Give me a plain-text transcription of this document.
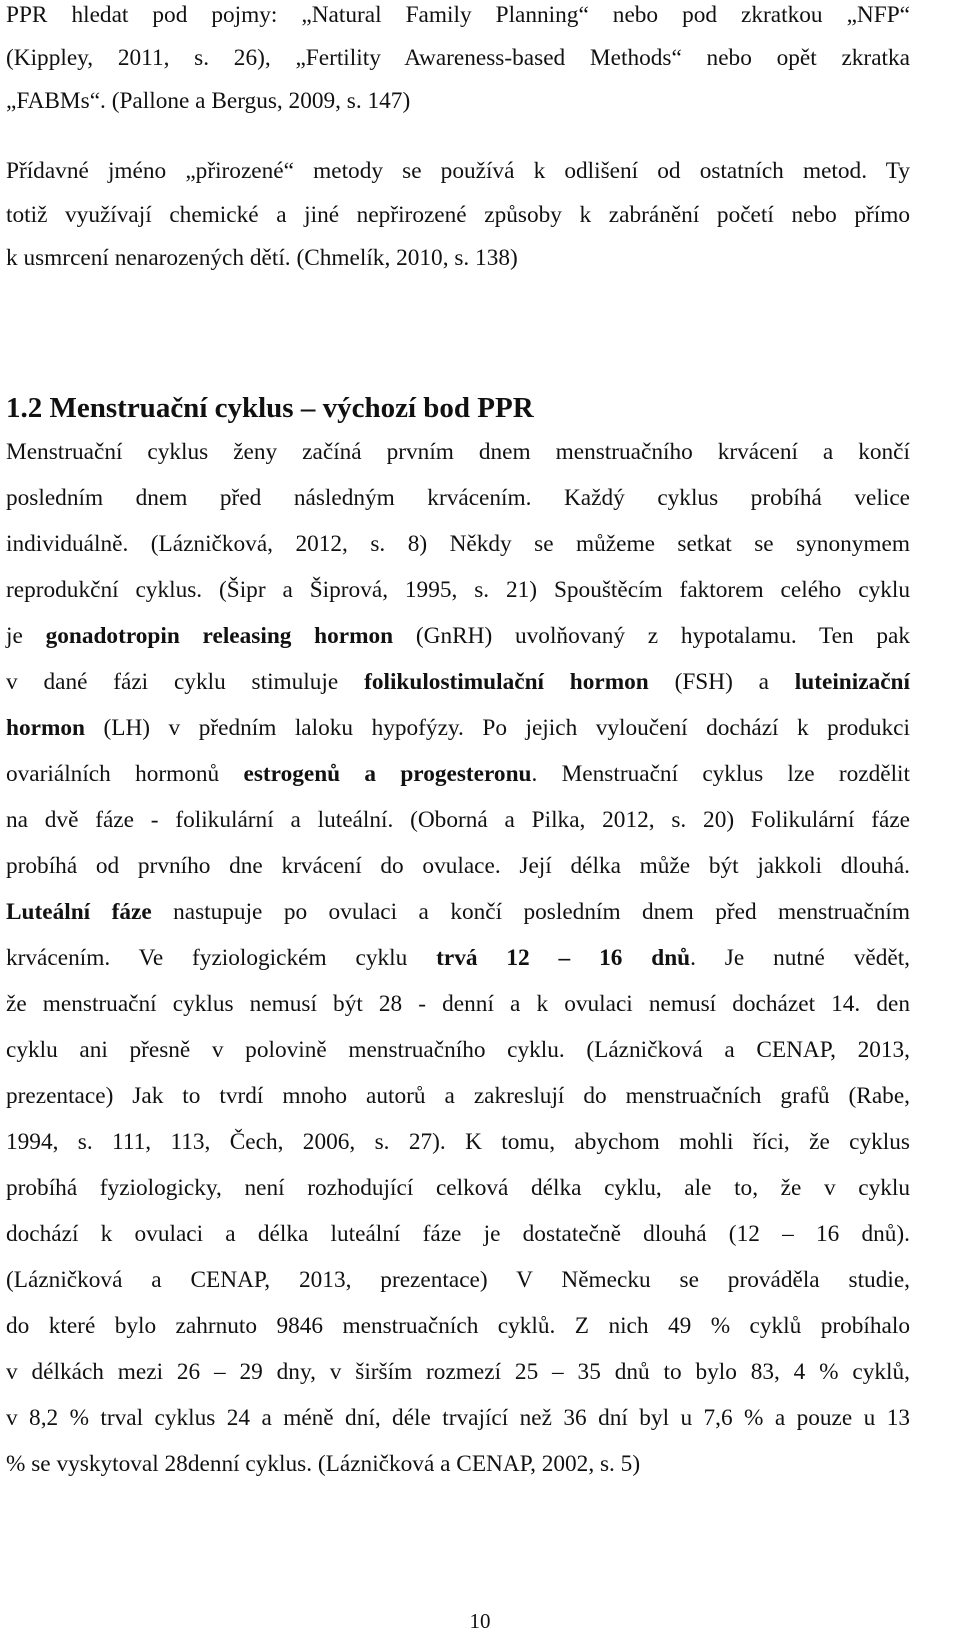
PPR hledat pod pojmy: „Natural Family Planning“ nebo pod zkratkou „NFP“
(Kippley, 2011, s. 26), „Fertility Awareness-based Methods“ nebo opět zkratka
„FABMs“. (Pallone a Bergus, 2009, s. 147)
Přídavné jméno „přirozené“ metody se používá k odlišení od ostatních metod. Ty
totiž využívají chemické a jiné nepřirozené způsoby k zabránění početí nebo přímo
k usmrcení nenarozených dětí. (Chmelík, 2010, s. 138)
1.2 Menstruační cyklus – výchozí bod PPR
Menstruační cyklus ženy začíná prvním dnem menstruačního krvácení a končí
posledním dnem před následným krvácením. Každý cyklus probíhá velice
individuálně. (Lázničková, 2012, s. 8) Někdy se můžeme setkat se synonymem
reprodukční cyklus. (Šipr a Šiprová, 1995, s. 21) Spouštěcím faktorem celého cyklu
je gonadotropin releasing hormon (GnRH) uvolňovaný z hypotalamu. Ten pak
v dané fázi cyklu stimuluje folikulostimulační hormon (FSH) a luteinizační
hormon (LH) v předním laloku hypofýzy. Po jejich vyloučení dochází k produkci
ovariálních hormonů estrogenů a progesteronu. Menstruační cyklus lze rozdělit
na dvě fáze - folikulární a luteální. (Oborná a Pilka, 2012, s. 20) Folikulární fáze
probíhá od prvního dne krvácení do ovulace. Její délka může být jakkoli dlouhá.
Luteální fáze nastupuje po ovulaci a končí posledním dnem před menstruačním
krvácením. Ve fyziologickém cyklu trvá 12 – 16 dnů. Je nutné vědět,
že menstruační cyklus nemusí být 28 - denní a k ovulaci nemusí docházet 14. den
cyklu ani přesně v polovině menstruačního cyklu. (Lázničková a CENAP, 2013,
prezentace) Jak to tvrdí mnoho autorů a zakreslují do menstruačních grafů (Rabe,
1994, s. 111, 113, Čech, 2006, s. 27). K tomu, abychom mohli říci, že cyklus
probíhá fyziologicky, není rozhodující celková délka cyklu, ale to, že v cyklu
dochází k ovulaci a délka luteální fáze je dostatečně dlouhá (12 – 16 dnů).
(Lázničková a CENAP, 2013, prezentace) V Německu se prováděla studie,
do které bylo zahrnuto 9846 menstruačních cyklů. Z nich 49 % cyklů probíhalo
v délkách mezi 26 – 29 dny, v širším rozmezí 25 – 35 dnů to bylo 83, 4 % cyklů,
v 8,2 % trval cyklus 24 a méně dní, déle trvající než 36 dní byl u 7,6 % a pouze u 13
% se vyskytoval 28denní cyklus. (Lázničková a CENAP, 2002, s. 5)
10
